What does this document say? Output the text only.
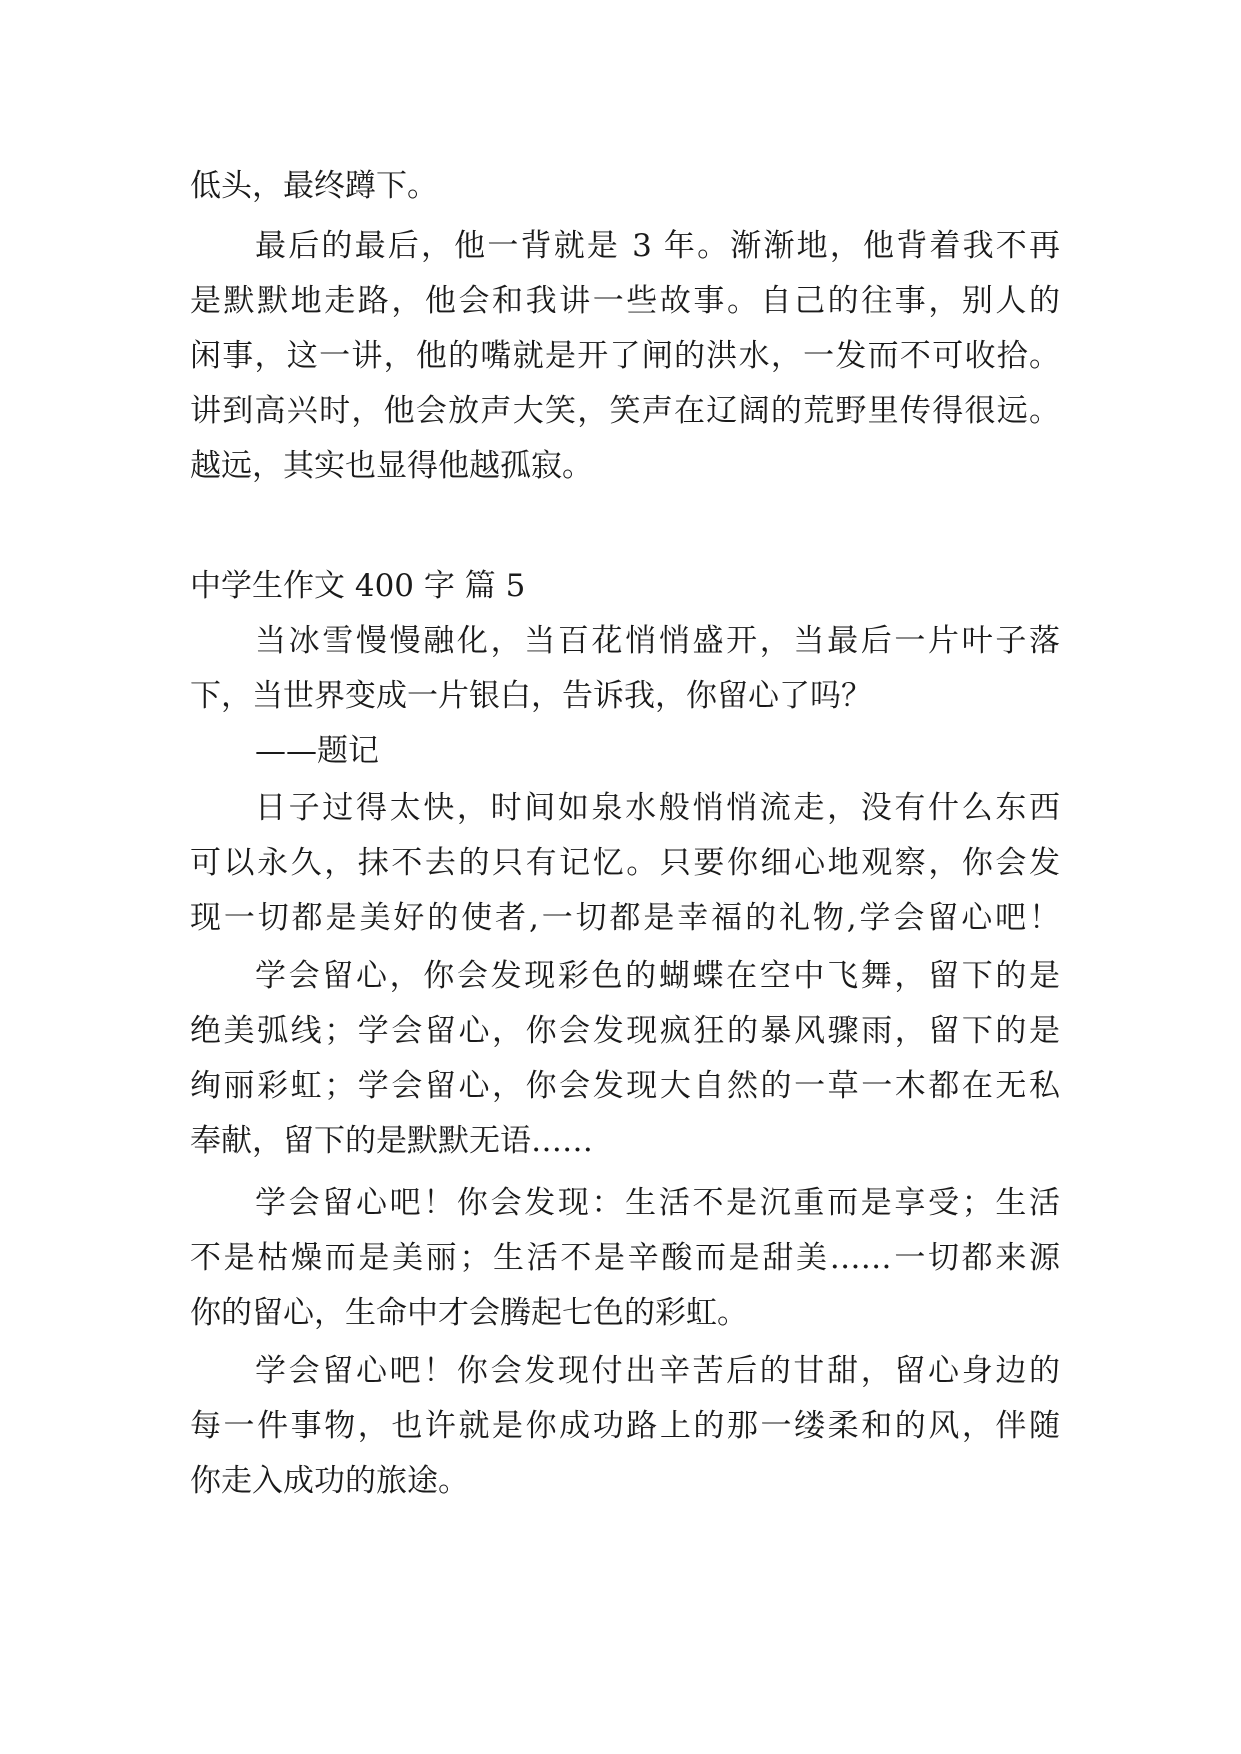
低头，最终蹲下。
最后的最后，他一背就是 3 年。渐渐地，他背着我不再
是默默地走路，他会和我讲一些故事。自己的往事，别人的
闲事，这一讲，他的嘴就是开了闸的洪水，一发而不可收拾。
讲到高兴时，他会放声大笑，笑声在辽阔的荒野里传得很远。
越远，其实也显得他越孤寂。
中学生作文 400 字 篇 5
当冰雪慢慢融化，当百花悄悄盛开，当最后一片叶子落
下，当世界变成一片银白，告诉我，你留心了吗？
——题记
日子过得太快，时间如泉水般悄悄流走，没有什么东西
可以永久，抹不去的只有记忆。只要你细心地观察，你会发
现一切都是美好的使者,一切都是幸福的礼物,学会留心吧！
学会留心，你会发现彩色的蝴蝶在空中飞舞，留下的是
绝美弧线；学会留心，你会发现疯狂的暴风骤雨，留下的是
绚丽彩虹；学会留心，你会发现大自然的一草一木都在无私
奉献，留下的是默默无语……
学会留心吧！你会发现：生活不是沉重而是享受；生活
不是枯燥而是美丽；生活不是辛酸而是甜美……一切都来源
你的留心，生命中才会腾起七色的彩虹。
学会留心吧！你会发现付出辛苦后的甘甜，留心身边的
每一件事物，也许就是你成功路上的那一缕柔和的风，伴随
你走入成功的旅途。
